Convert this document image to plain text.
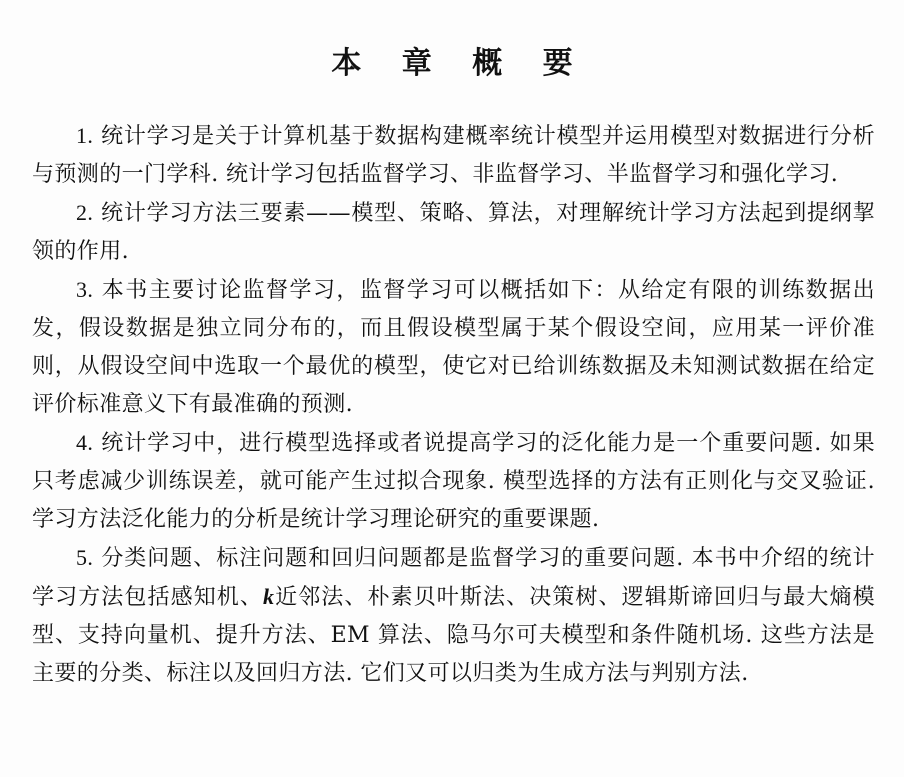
本 章 概 要

1. 统计学习是关于计算机基于数据构建概率统计模型并运用模型对数据进行分析与预测的一门学科. 统计学习包括监督学习、非监督学习、半监督学习和强化学习.

2. 统计学习方法三要素——模型、策略、算法，对理解统计学习方法起到提纲挈领的作用.

3. 本书主要讨论监督学习，监督学习可以概括如下：从给定有限的训练数据出发，假设数据是独立同分布的，而且假设模型属于某个假设空间，应用某一评价准则，从假设空间中选取一个最优的模型，使它对已给训练数据及未知测试数据在给定评价标准意义下有最准确的预测.

4. 统计学习中，进行模型选择或者说提高学习的泛化能力是一个重要问题. 如果只考虑减少训练误差，就可能产生过拟合现象. 模型选择的方法有正则化与交叉验证. 学习方法泛化能力的分析是统计学习理论研究的重要课题.

5. 分类问题、标注问题和回归问题都是监督学习的重要问题. 本书中介绍的统计学习方法包括感知机、k近邻法、朴素贝叶斯法、决策树、逻辑斯谛回归与最大熵模型、支持向量机、提升方法、EM 算法、隐马尔可夫模型和条件随机场. 这些方法是主要的分类、标注以及回归方法. 它们又可以归类为生成方法与判别方法.
